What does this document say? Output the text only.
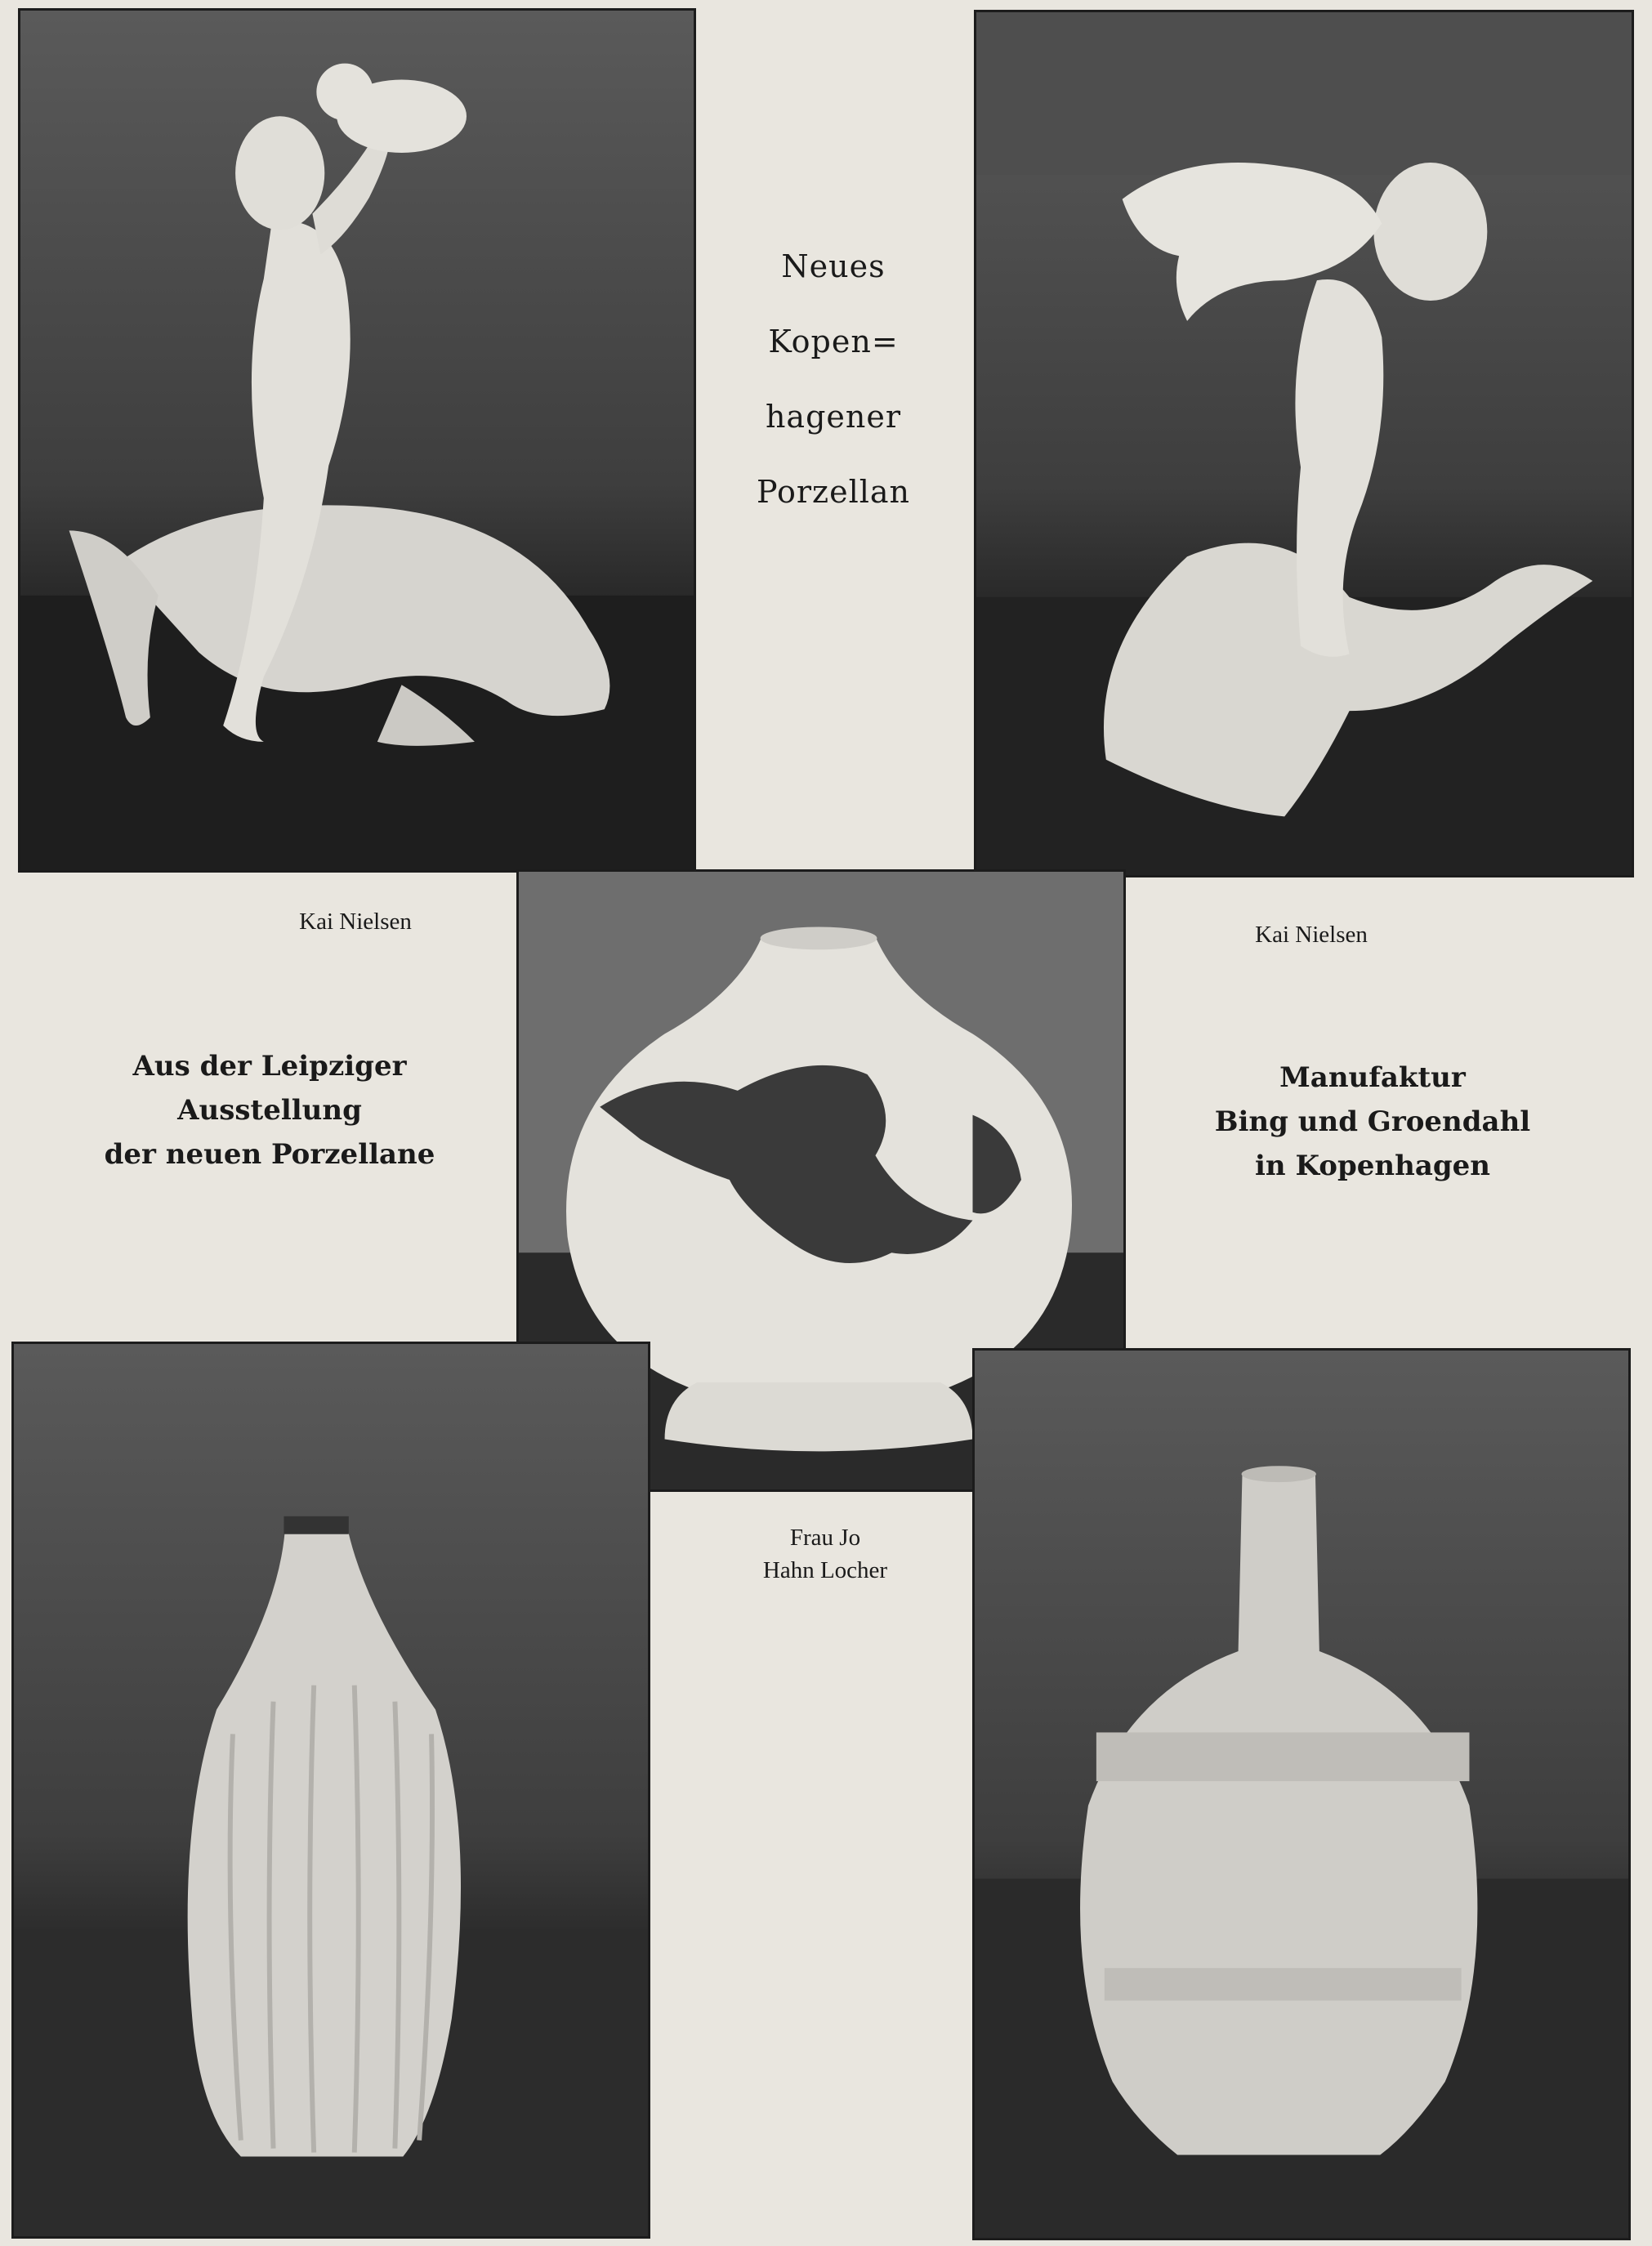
Neues
Kopen=
hagener
Porzellan
Kai Nielsen	Kai Nielsen
Frau Jo
Hahn Locher
Aus der Leipziger
Ausstellung
der neuen Porzellane
Manufaktur
Bing und Groendahl
in Kopenhagen
